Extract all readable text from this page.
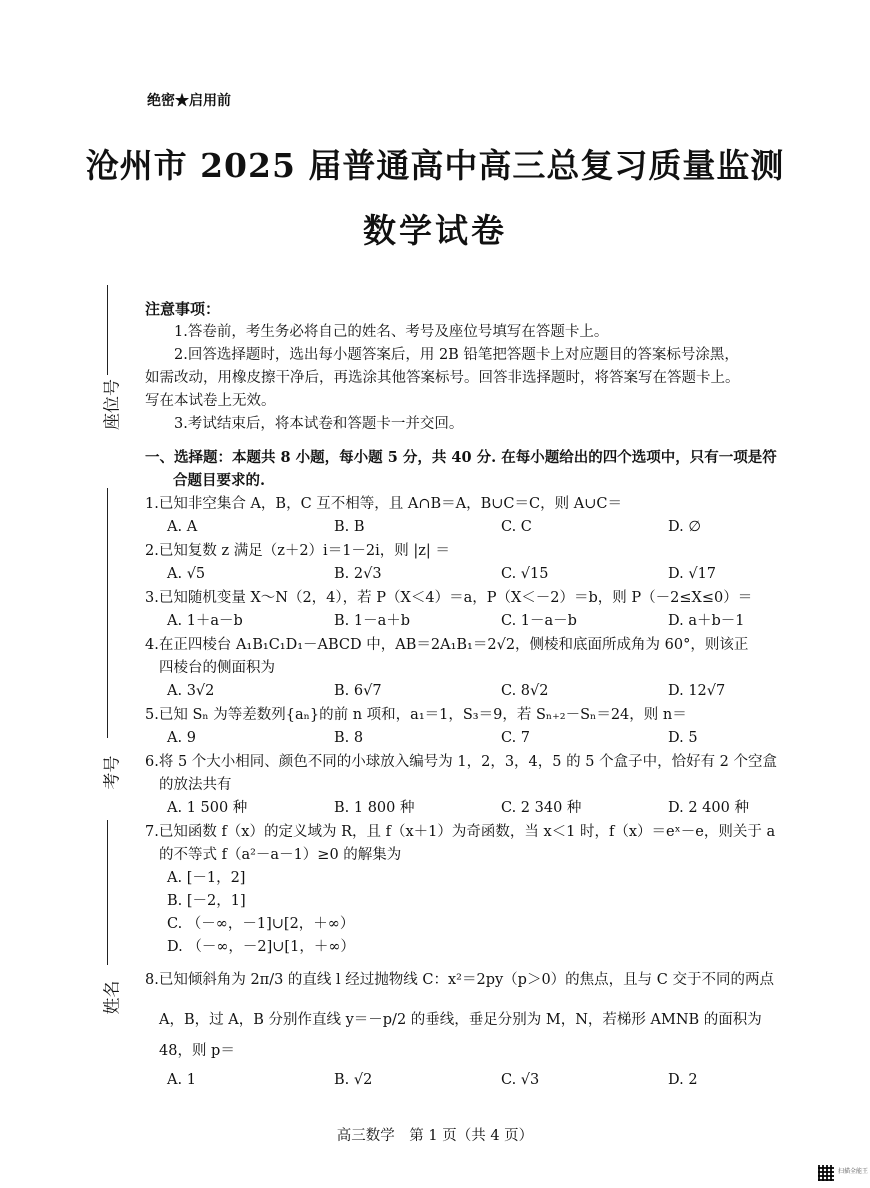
绝密★启用前
沧州市 2025 届普通高中高三总复习质量监测
数学试卷
座位号
考号
姓名
注意事项：

1.答卷前，考生务必将自己的姓名、考号及座位号填写在答题卡上。

2.回答选择题时，选出每小题答案后，用 2B 铅笔把答题卡上对应题目的答案标号涂黑，

如需改动，用橡皮擦干净后，再选涂其他答案标号。回答非选择题时，将答案写在答题卡上。

写在本试卷上无效。

3.考试结束后，将本试卷和答题卡一并交回。

一、选择题：本题共 8 小题，每小题 5 分，共 40 分. 在每小题给出的四个选项中，只有一项是符
合题目要求的.
1.已知非空集合 A，B，C 互不相等，且 A∩B＝A，B∪C＝C，则 A∪C＝
A. A	B. B	C. C	D. ∅
2.已知复数 z 满足（z＋2）i＝1－2i，则 |z| ＝
A. √5	B. 2√3	C. √15	D. √17
3.已知随机变量 X～N（2，4），若 P（X＜4）＝a，P（X＜－2）＝b，则 P（－2≤X≤0）＝
A. 1＋a－b	B. 1－a＋b	C. 1－a－b	D. a＋b－1
4.在正四棱台 A₁B₁C₁D₁－ABCD 中，AB＝2A₁B₁＝2√2，侧棱和底面所成角为 60°，则该正
四棱台的侧面积为
A. 3√2	B. 6√7	C. 8√2	D. 12√7
5.已知 Sₙ 为等差数列{aₙ}的前 n 项和，a₁＝1，S₃＝9，若 Sₙ₊₂－Sₙ＝24，则 n＝
A. 9	B. 8	C. 7	D. 5
6.将 5 个大小相同、颜色不同的小球放入编号为 1，2，3，4，5 的 5 个盒子中，恰好有 2 个空盒
的放法共有
A. 1 500 种	B. 1 800 种	C. 2 340 种	D. 2 400 种
7.已知函数 f（x）的定义域为 R，且 f（x＋1）为奇函数，当 x＜1 时，f（x）＝eˣ－e，则关于 a
的不等式 f（a²－a－1）≥0 的解集为
A. [－1，2]
B. [－2，1]
C. （－∞，－1]∪[2，＋∞）
D. （－∞，－2]∪[1，＋∞）
8.已知倾斜角为 2π/3 的直线 l 经过抛物线 C：x²＝2py（p＞0）的焦点，且与 C 交于不同的两点
A，B，过 A，B 分别作直线 y＝－p/2 的垂线，垂足分别为 M，N，若梯形 AMNB 的面积为
48，则 p＝
A. 1	B. √2	C. √3	D. 2
高三数学　第 1 页（共 4 页）
扫描全能王
